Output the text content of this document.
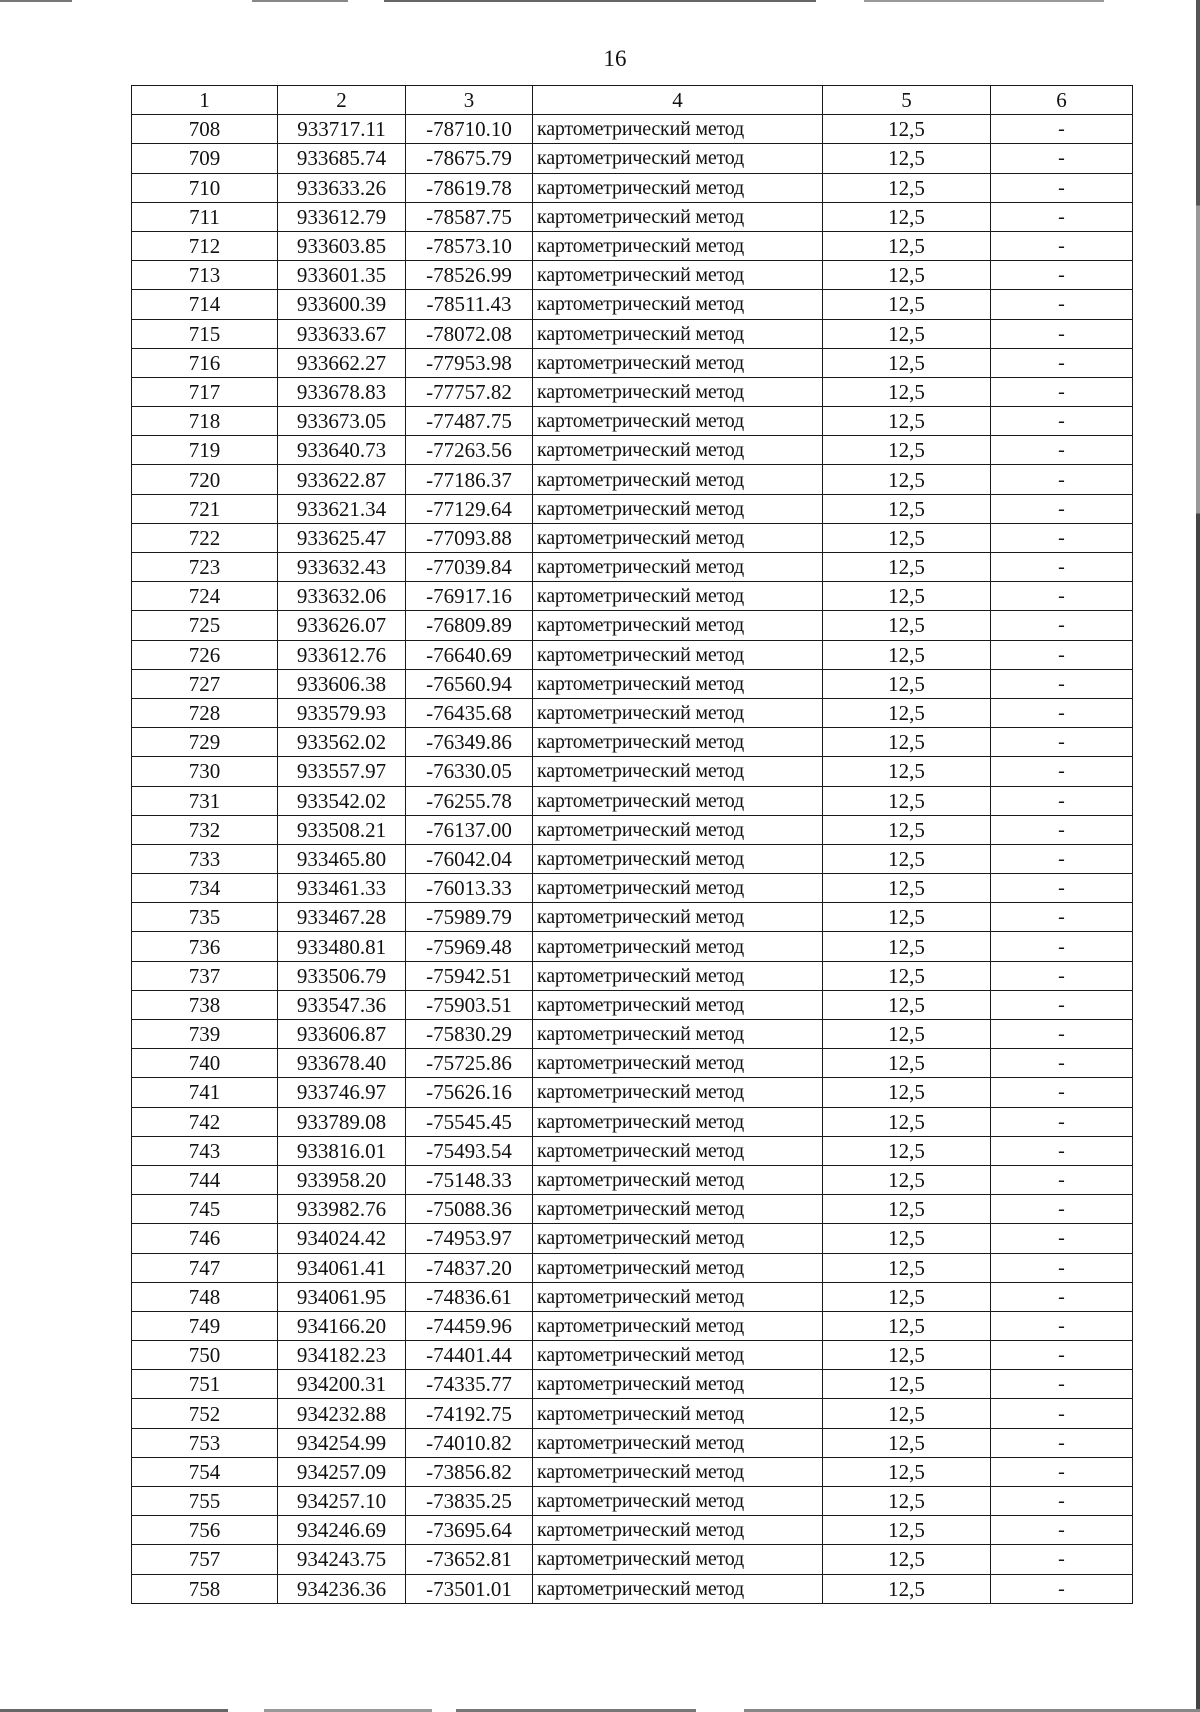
16
1	2	3	4	5	6
708	933717.11	-78710.10	картометрический метод	12,5	-
709	933685.74	-78675.79	картометрический метод	12,5	-
710	933633.26	-78619.78	картометрический метод	12,5	-
711	933612.79	-78587.75	картометрический метод	12,5	-
712	933603.85	-78573.10	картометрический метод	12,5	-
713	933601.35	-78526.99	картометрический метод	12,5	-
714	933600.39	-78511.43	картометрический метод	12,5	-
715	933633.67	-78072.08	картометрический метод	12,5	-
716	933662.27	-77953.98	картометрический метод	12,5	-
717	933678.83	-77757.82	картометрический метод	12,5	-
718	933673.05	-77487.75	картометрический метод	12,5	-
719	933640.73	-77263.56	картометрический метод	12,5	-
720	933622.87	-77186.37	картометрический метод	12,5	-
721	933621.34	-77129.64	картометрический метод	12,5	-
722	933625.47	-77093.88	картометрический метод	12,5	-
723	933632.43	-77039.84	картометрический метод	12,5	-
724	933632.06	-76917.16	картометрический метод	12,5	-
725	933626.07	-76809.89	картометрический метод	12,5	-
726	933612.76	-76640.69	картометрический метод	12,5	-
727	933606.38	-76560.94	картометрический метод	12,5	-
728	933579.93	-76435.68	картометрический метод	12,5	-
729	933562.02	-76349.86	картометрический метод	12,5	-
730	933557.97	-76330.05	картометрический метод	12,5	-
731	933542.02	-76255.78	картометрический метод	12,5	-
732	933508.21	-76137.00	картометрический метод	12,5	-
733	933465.80	-76042.04	картометрический метод	12,5	-
734	933461.33	-76013.33	картометрический метод	12,5	-
735	933467.28	-75989.79	картометрический метод	12,5	-
736	933480.81	-75969.48	картометрический метод	12,5	-
737	933506.79	-75942.51	картометрический метод	12,5	-
738	933547.36	-75903.51	картометрический метод	12,5	-
739	933606.87	-75830.29	картометрический метод	12,5	-
740	933678.40	-75725.86	картометрический метод	12,5	-
741	933746.97	-75626.16	картометрический метод	12,5	-
742	933789.08	-75545.45	картометрический метод	12,5	-
743	933816.01	-75493.54	картометрический метод	12,5	-
744	933958.20	-75148.33	картометрический метод	12,5	-
745	933982.76	-75088.36	картометрический метод	12,5	-
746	934024.42	-74953.97	картометрический метод	12,5	-
747	934061.41	-74837.20	картометрический метод	12,5	-
748	934061.95	-74836.61	картометрический метод	12,5	-
749	934166.20	-74459.96	картометрический метод	12,5	-
750	934182.23	-74401.44	картометрический метод	12,5	-
751	934200.31	-74335.77	картометрический метод	12,5	-
752	934232.88	-74192.75	картометрический метод	12,5	-
753	934254.99	-74010.82	картометрический метод	12,5	-
754	934257.09	-73856.82	картометрический метод	12,5	-
755	934257.10	-73835.25	картометрический метод	12,5	-
756	934246.69	-73695.64	картометрический метод	12,5	-
757	934243.75	-73652.81	картометрический метод	12,5	-
758	934236.36	-73501.01	картометрический метод	12,5	-
